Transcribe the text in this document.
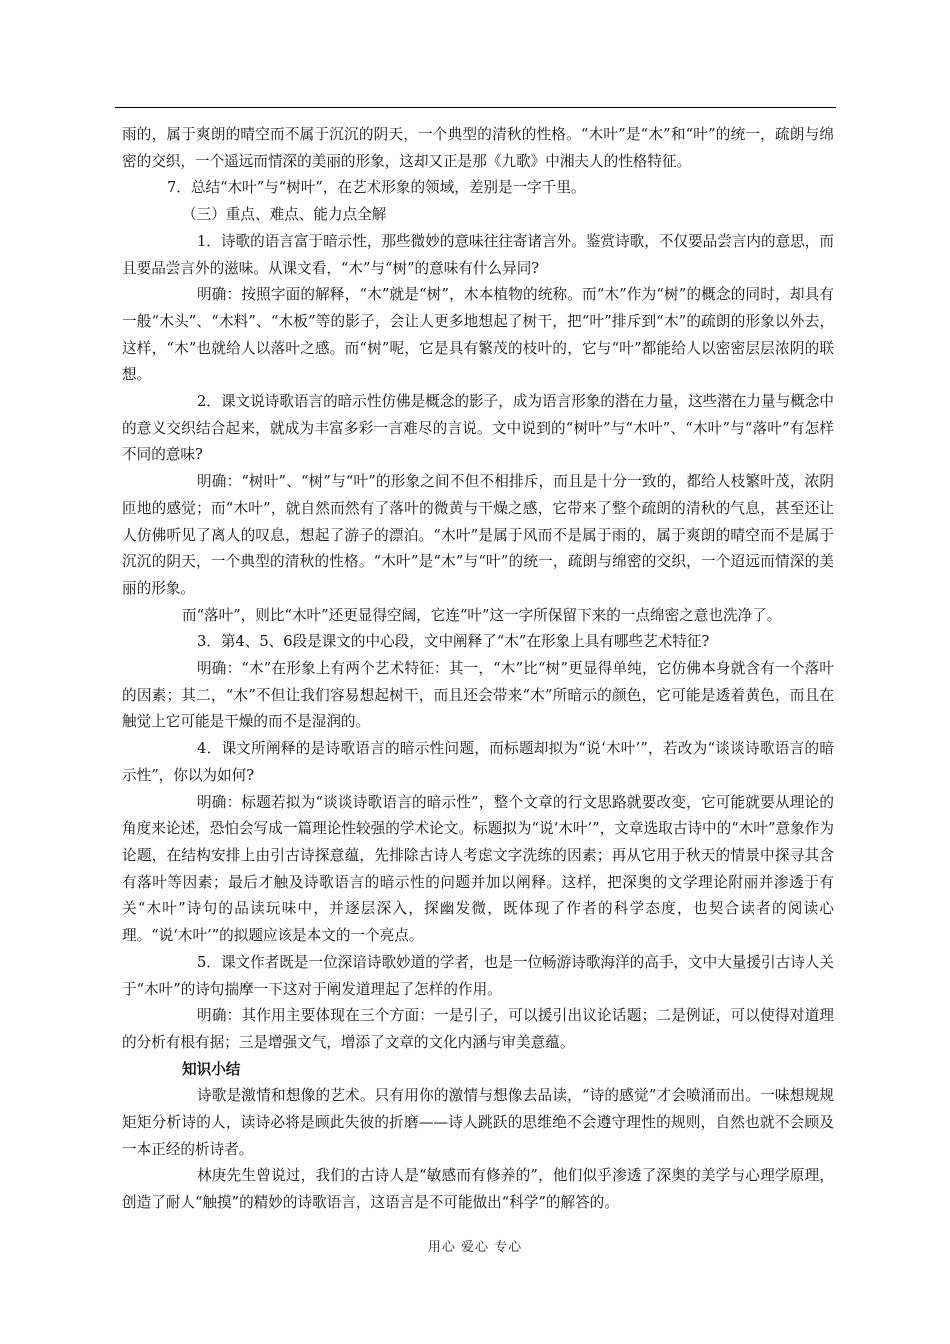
雨的，属于爽朗的晴空而不属于沉沉的阴天，一个典型的清秋的性格。“木叶”是“木”和“叶”的统一，疏朗与绵密的交织，一个遥远而情深的美丽的形象，这却又正是那《九歌》中湘夫人的性格特征。

7．总结“木叶”与“树叶”，在艺术形象的领域，差别是一字千里。

（三）重点、难点、能力点全解

1．诗歌的语言富于暗示性，那些微妙的意味往往寄诸言外。鉴赏诗歌，不仅要品尝言内的意思，而且要品尝言外的滋味。从课文看，“木”与“树”的意味有什么异同?

明确：按照字面的解释，“木”就是“树”，木本植物的统称。而“木”作为“树”的概念的同时，却具有一般“木头”、“木料”、“木板”等的影子，会让人更多地想起了树干，把“叶”排斥到“木”的疏朗的形象以外去，这样，“木”也就给人以落叶之感。而“树”呢，它是具有繁茂的枝叶的，它与“叶”都能给人以密密层层浓阴的联想。

2．课文说诗歌语言的暗示性仿佛是概念的影子，成为语言形象的潜在力量，这些潜在力量与概念中的意义交织结合起来，就成为丰富多彩一言难尽的言说。文中说到的“树叶”与“木叶”、“木叶”与“落叶”有怎样不同的意味?

明确：“树叶”、“树”与“叶”的形象之间不但不相排斥，而且是十分一致的，都给人枝繁叶茂，浓阴匝地的感觉；而“木叶”，就自然而然有了落叶的微黄与干燥之感，它带来了整个疏朗的清秋的气息，甚至还让人仿佛听见了离人的叹息，想起了游子的漂泊。“木叶”是属于风而不是属于雨的，属于爽朗的晴空而不是属于沉沉的阴天，一个典型的清秋的性格。“木叶”是“木”与“叶”的统一，疏朗与绵密的交织，一个迢远而情深的美丽的形象。

而“落叶”，则比“木叶”还更显得空阔，它连“叶”这一字所保留下来的一点绵密之意也洗净了。

3．第4、5、6段是课文的中心段，文中阐释了“木”在形象上具有哪些艺术特征?

明确：“木”在形象上有两个艺术特征：其一，“木”比“树”更显得单纯，它仿佛本身就含有一个落叶的因素；其二，“木”不但让我们容易想起树干，而且还会带来“木”所暗示的颜色，它可能是透着黄色，而且在触觉上它可能是干燥的而不是湿润的。

4．课文所阐释的是诗歌语言的暗示性问题，而标题却拟为“说‘木叶’”，若改为“谈谈诗歌语言的暗示性”，你以为如何?

明确：标题若拟为“谈谈诗歌语言的暗示性”，整个文章的行文思路就要改变，它可能就要从理论的角度来论述，恐怕会写成一篇理论性较强的学术论文。标题拟为“说‘木叶’”，文章选取古诗中的“木叶”意象作为论题，在结构安排上由引古诗探意蕴，先排除古诗人考虑文字洗练的因素；再从它用于秋天的情景中探寻其含有落叶等因素；最后才触及诗歌语言的暗示性的问题并加以阐释。这样，把深奥的文学理论附丽并渗透于有关“木叶”诗句的品读玩味中，并逐层深入，探幽发微，既体现了作者的科学态度，也契合读者的阅读心理。“说‘木叶’”的拟题应该是本文的一个亮点。

5．课文作者既是一位深谙诗歌妙道的学者，也是一位畅游诗歌海洋的高手，文中大量援引古诗人关于“木叶”的诗句揣摩一下这对于阐发道理起了怎样的作用。

明确：其作用主要体现在三个方面：一是引子，可以援引出议论话题；二是例证，可以使得对道理的分析有根有据；三是增强文气，增添了文章的文化内涵与审美意蕴。

知识小结

诗歌是激情和想像的艺术。只有用你的激情与想像去品读，“诗的感觉”才会喷涌而出。一味想规规矩矩分析诗的人，读诗必将是顾此失彼的折磨——诗人跳跃的思维绝不会遵守理性的规则，自然也就不会顾及一本正经的析诗者。

林庚先生曾说过，我们的古诗人是“敏感而有修养的”，他们似乎渗透了深奥的美学与心理学原理，创造了耐人“触摸”的精妙的诗歌语言，这语言是不可能做出“科学”的解答的。

用心 爱心 专心
